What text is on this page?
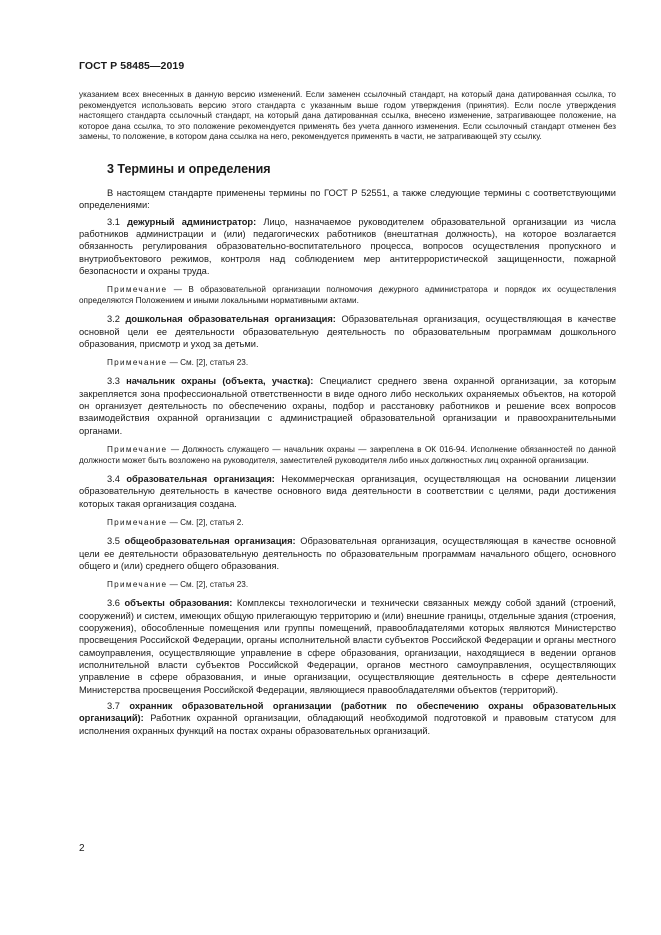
ГОСТ Р 58485—2019

указанием всех внесенных в данную версию изменений. Если заменен ссылочный стандарт, на который дана датированная ссылка, то рекомендуется использовать версию этого стандарта с указанным выше годом утверждения (принятия). Если после утверждения настоящего стандарта ссылочный стандарт, на который дана датированная ссылка, внесено изменение, затрагивающее положение, на которое дана ссылка, то это положение рекомендуется применять без учета данного изменения. Если ссылочный стандарт отменен без замены, то положение, в котором дана ссылка на него, рекомендуется применять в части, не затрагивающей эту ссылку.

3 Термины и определения

В настоящем стандарте применены термины по ГОСТ Р 52551, а также следующие термины с соответствующими определениями:

3.1 дежурный администратор: Лицо, назначаемое руководителем образовательной организации из числа работников администрации и (или) педагогических работников (внештатная должность), на которое возлагается обязанность регулирования образовательно-воспитательного процесса, вопросов осуществления пропускного и внутриобъектового режимов, контроля над соблюдением мер антитеррористической защищенности, пожарной безопасности и охраны труда.

Примечание — В образовательной организации полномочия дежурного администратора и порядок их осуществления определяются Положением и иными локальными нормативными актами.

3.2 дошкольная образовательная организация: Образовательная организация, осуществляющая в качестве основной цели ее деятельности образовательную деятельность по образовательным программам дошкольного образования, присмотр и уход за детьми.

Примечание — См. [2], статья 23.

3.3 начальник охраны (объекта, участка): Специалист среднего звена охранной организации, за которым закрепляется зона профессиональной ответственности в виде одного либо нескольких охраняемых объектов, на которой он организует деятельность по обеспечению охраны, подбор и расстановку работников и решение всех вопросов взаимодействия охранной организации с администрацией образовательной организации и правоохранительными органами.

Примечание — Должность служащего — начальник охраны — закреплена в ОК 016-94. Исполнение обязанностей по данной должности может быть возложено на руководителя, заместителей руководителя либо иных должностных лиц охранной организации.

3.4 образовательная организация: Некоммерческая организация, осуществляющая на основании лицензии образовательную деятельность в качестве основного вида деятельности в соответствии с целями, ради достижения которых такая организация создана.

Примечание — См. [2], статья 2.

3.5 общеобразовательная организация: Образовательная организация, осуществляющая в качестве основной цели ее деятельности образовательную деятельность по образовательным программам начального общего, основного общего и (или) среднего общего образования.

Примечание — См. [2], статья 23.

3.6 объекты образования: Комплексы технологически и технически связанных между собой зданий (строений, сооружений) и систем, имеющих общую прилегающую территорию и (или) внешние границы, отдельные здания (строения, сооружения), обособленные помещения или группы помещений, правообладателями которых являются Министерство просвещения Российской Федерации, органы исполнительной власти субъектов Российской Федерации и органы местного самоуправления, осуществляющие управление в сфере образования, организации, находящиеся в ведении органов исполнительной власти субъектов Российской Федерации, органов местного самоуправления, осуществляющих управление в сфере образования, и иные организации, осуществляющие деятельность в сфере деятельности Министерства просвещения Российской Федерации, являющиеся правообладателями объектов (территорий).

3.7 охранник образовательной организации (работник по обеспечению охраны образовательных организаций): Работник охранной организации, обладающий необходимой подготовкой и правовым статусом для исполнения охранных функций на постах охраны образовательных организаций.

2
